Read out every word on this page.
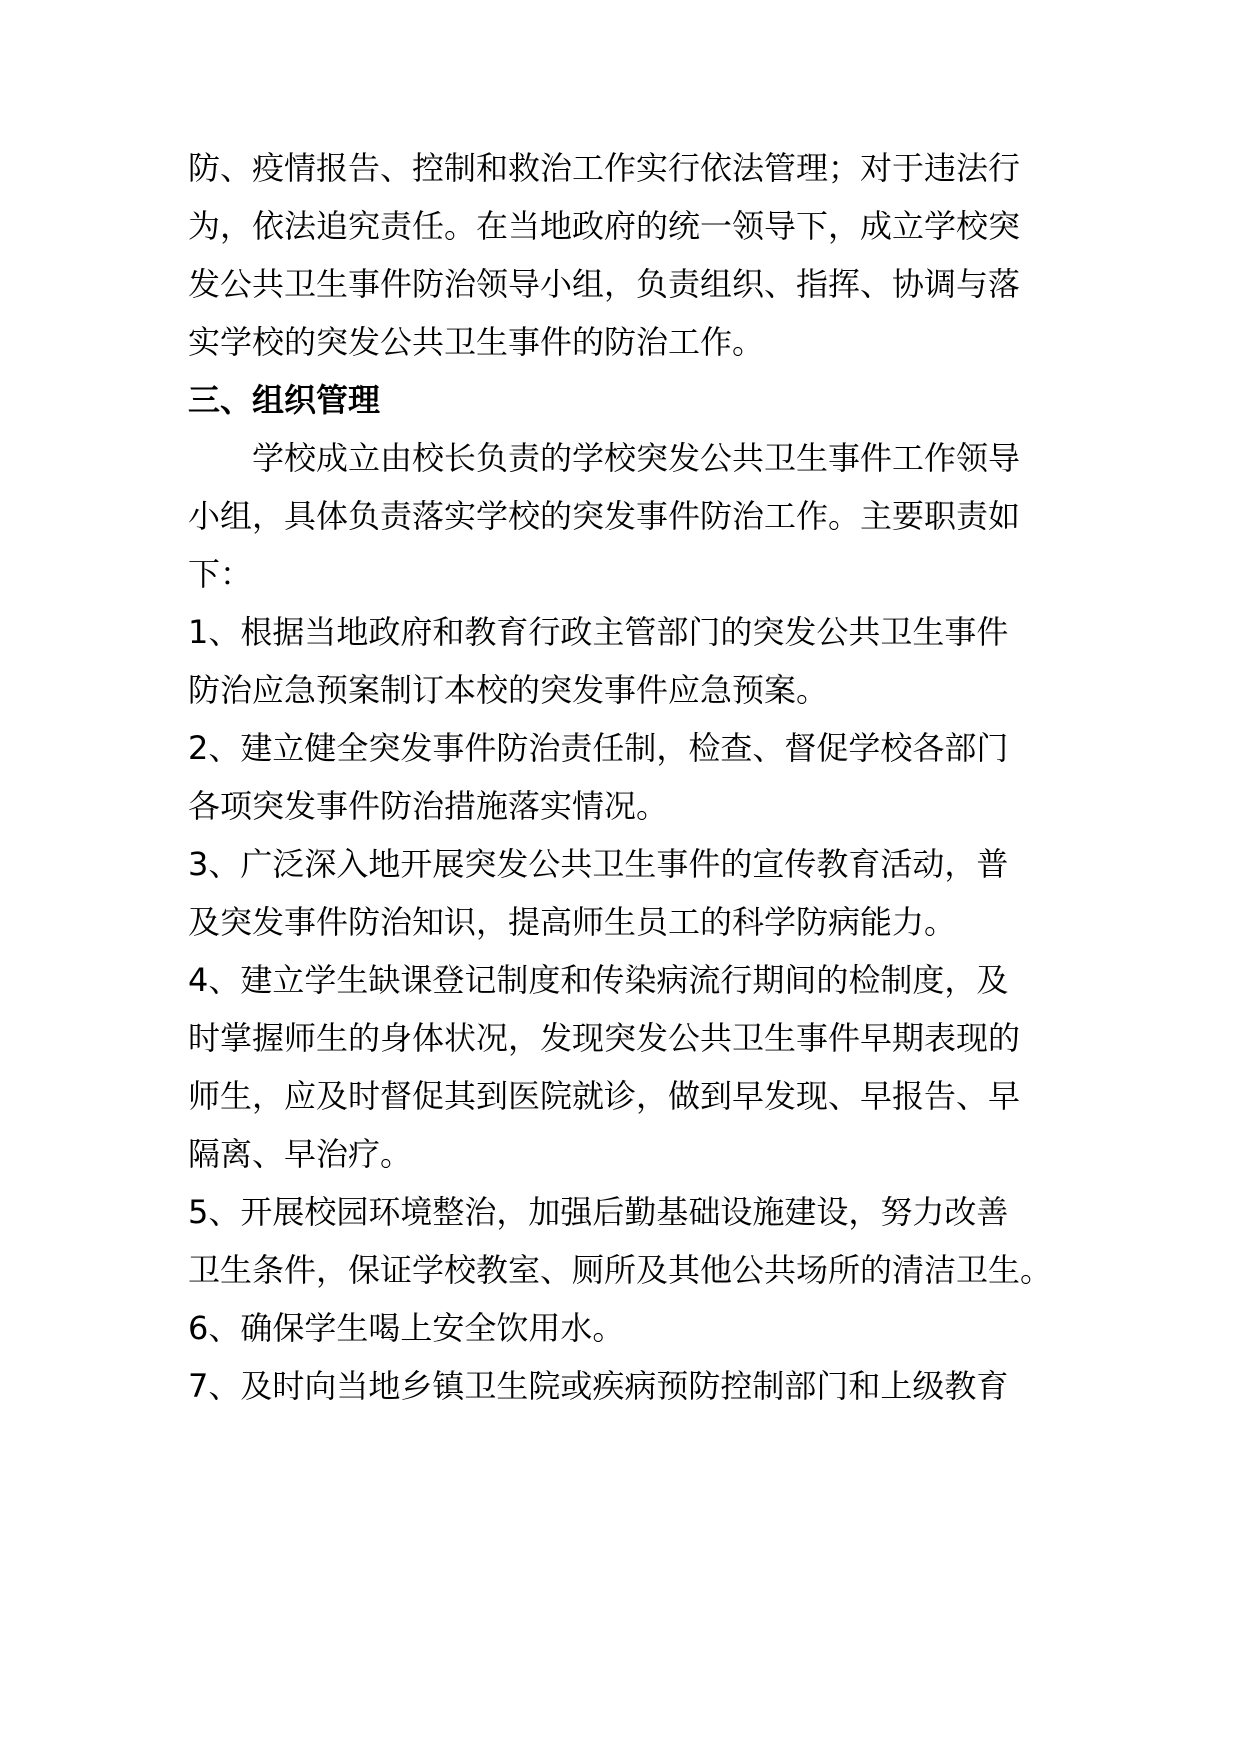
防、疫情报告、控制和救治工作实行依法管理；对于违法行
为，依法追究责任。在当地政府的统一领导下，成立学校突
发公共卫生事件防治领导小组，负责组织、指挥、协调与落
实学校的突发公共卫生事件的防治工作。
三、组织管理
学校成立由校长负责的学校突发公共卫生事件工作领导
小组，具体负责落实学校的突发事件防治工作。主要职责如
下：
1、根据当地政府和教育行政主管部门的突发公共卫生事件
防治应急预案制订本校的突发事件应急预案。
2、建立健全突发事件防治责任制，检查、督促学校各部门
各项突发事件防治措施落实情况。
3、广泛深入地开展突发公共卫生事件的宣传教育活动，普
及突发事件防治知识，提高师生员工的科学防病能力。
4、建立学生缺课登记制度和传染病流行期间的检制度，及
时掌握师生的身体状况，发现突发公共卫生事件早期表现的
师生，应及时督促其到医院就诊，做到早发现、早报告、早
隔离、早治疗。
5、开展校园环境整治，加强后勤基础设施建设，努力改善
卫生条件，保证学校教室、厕所及其他公共场所的清洁卫生。
6、确保学生喝上安全饮用水。
7、及时向当地乡镇卫生院或疾病预防控制部门和上级教育
